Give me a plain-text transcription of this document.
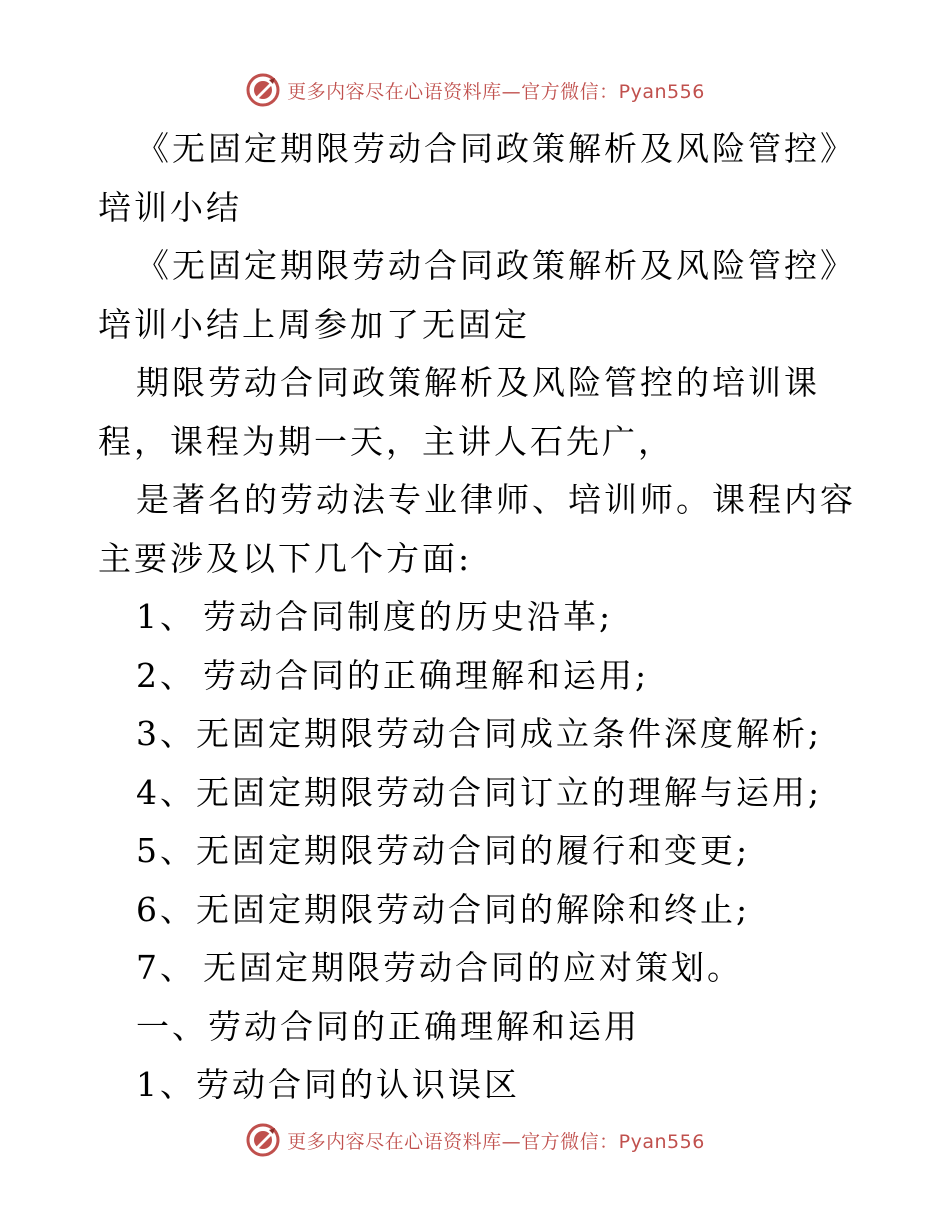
更多内容尽在心语资料库—官方微信：Pyan556

《无固定期限劳动合同政策解析及风险管控》培训小结

《无固定期限劳动合同政策解析及风险管控》培训小结上周参加了无固定

期限劳动合同政策解析及风险管控的培训课程，课程为期一天，主讲人石先广，

是著名的劳动法专业律师、培训师。课程内容主要涉及以下几个方面:

1、 劳动合同制度的历史沿革;
2、 劳动合同的正确理解和运用;
3、无固定期限劳动合同成立条件深度解析;
4、无固定期限劳动合同订立的理解与运用;
5、无固定期限劳动合同的履行和变更;
6、无固定期限劳动合同的解除和终止;
7、 无固定期限劳动合同的应对策划。

一、劳动合同的正确理解和运用

1、劳动合同的认识误区

更多内容尽在心语资料库—官方微信：Pyan556
